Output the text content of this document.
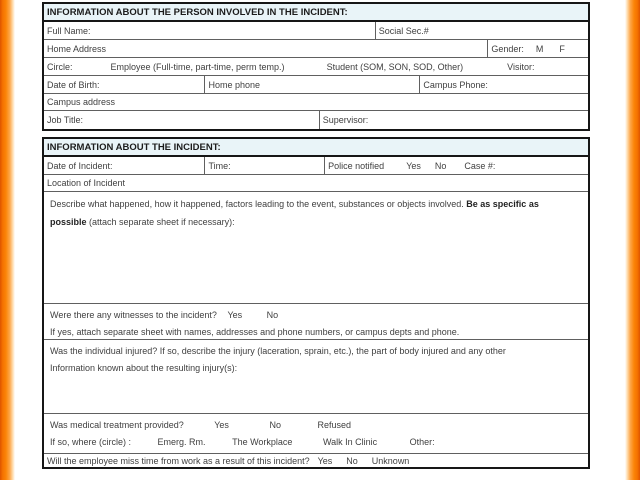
INFORMATION ABOUT THE PERSON INVOLVED IN THE INCIDENT:
Full Name:	Social Sec.#
Home Address	Gender: M F
Circle:	Employee (Full-time, part-time, perm temp.)	Student (SOM, SON, SOD, Other)	Visitor:
Date of Birth:	Home phone	Campus Phone:
Campus address
Job Title:	Supervisor:
INFORMATION ABOUT THE INCIDENT:
Date of Incident:	Time:	Police notified Yes No Case #:
Location of Incident
Describe what happened, how it happened, factors leading to the event, substances or objects involved. Be as specific as possible (attach separate sheet if necessary):
Were there any witnesses to the incident? Yes	No
If yes, attach separate sheet with names, addresses and phone numbers, or campus depts and phone.
Was the individual injured? If so, describe the injury (laceration, sprain, etc.), the part of body injured and any other
Information known about the resulting injury(s):
Was medical treatment provided?	Yes	No	Refused
If so, where (circle) :	Emerg. Rm.	The Workplace	Walk In Clinic	Other:
Will the employee miss time from work as a result of this incident? Yes No Unknown
